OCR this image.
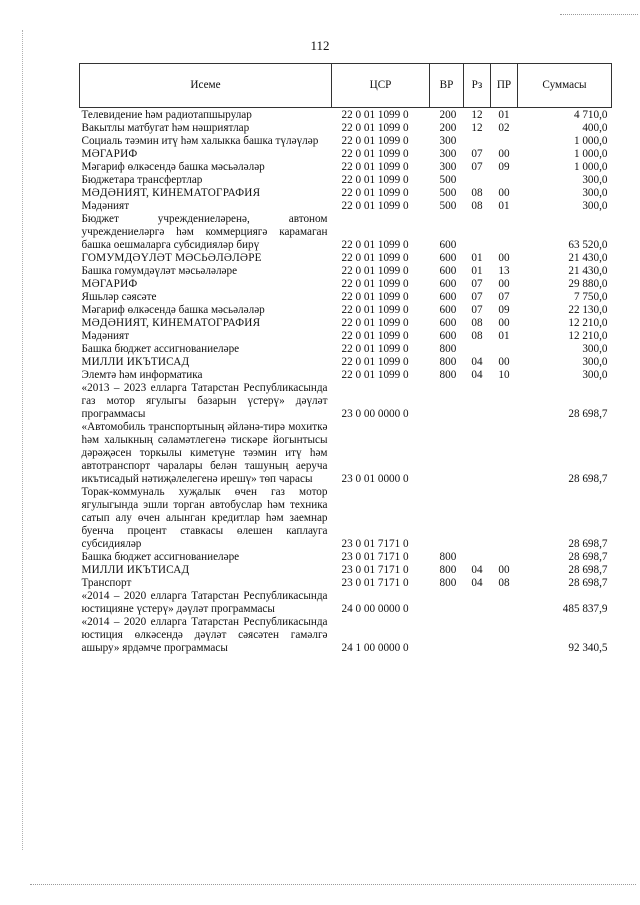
112
Исеме	ЦСР	ВР	Рз	ПР	Суммасы
Телевидение һәм радиотапшырулар	22 0 01 1099 0	200	12	01	4 710,0
Вакытлы матбугат һәм нәшриятлар	22 0 01 1099 0	200	12	02	400,0
Социаль тәэмин итү һәм халыкка башка түләүләр	22 0 01 1099 0	300			1 000,0
МӘГАРИФ	22 0 01 1099 0	300	07	00	1 000,0
Мәгариф өлкәсендә башка мәсьәләләр	22 0 01 1099 0	300	07	09	1 000,0
Бюджетара трансфертлар	22 0 01 1099 0	500			300,0
МӘДӘНИЯТ, КИНЕМАТОГРАФИЯ	22 0 01 1099 0	500	08	00	300,0
Мәдәният	22 0 01 1099 0	500	08	01	300,0
Бюджет учреждениеләренә, автоном учреждениеләргә һәм коммерциягә карамаган башка оешмаларга субсидияләр бирү	22 0 01 1099 0	600			63 520,0
ГОМУМДӘҮЛӘТ МӘСЬӘЛӘЛӘРЕ	22 0 01 1099 0	600	01	00	21 430,0
Башка гомумдәүләт мәсьәләләре	22 0 01 1099 0	600	01	13	21 430,0
МӘГАРИФ	22 0 01 1099 0	600	07	00	29 880,0
Яшьләр сәясәте	22 0 01 1099 0	600	07	07	7 750,0
Мәгариф өлкәсендә башка мәсьәләләр	22 0 01 1099 0	600	07	09	22 130,0
МӘДӘНИЯТ, КИНЕМАТОГРАФИЯ	22 0 01 1099 0	600	08	00	12 210,0
Мәдәният	22 0 01 1099 0	600	08	01	12 210,0
Башка бюджет ассигнованиеләре	22 0 01 1099 0	800			300,0
МИЛЛИ ИКЪТИСАД	22 0 01 1099 0	800	04	00	300,0
Элемтә һәм информатика	22 0 01 1099 0	800	04	10	300,0
«2013 – 2023 елларга Татарстан Республикасында газ мотор ягулыгы базарын үстерү» дәүләт программасы	23 0 00 0000 0				28 698,7
«Автомобиль транспортының әйләнә-тирә мохиткә һәм халыкның сәламәтлегенә тискәре йогынтысы дәрәҗәсен торкылы киметүне тәэмин итү һәм автотранспорт чаралары белән ташуның аеруча икътисадый нәтиҗәлелегенә ирешү» төп чарасы	23 0 01 0000 0				28 698,7
Торак-коммуналь хуҗалык өчен газ мотор ягулыгында эшли торган автобуслар һәм техника сатып алу өчен алынган кредитлар һәм заемнар буенча процент ставкасы өлешен каплауга субсидияләр	23 0 01 7171 0				28 698,7
Башка бюджет ассигнованиеләре	23 0 01 7171 0	800			28 698,7
МИЛЛИ ИКЪТИСАД	23 0 01 7171 0	800	04	00	28 698,7
Транспорт	23 0 01 7171 0	800	04	08	28 698,7
«2014 – 2020 елларга Татарстан Республикасында юстицияне үстерү» дәүләт программасы	24 0 00 0000 0				485 837,9
«2014 – 2020 елларга Татарстан Республикасында юстиция өлкәсендә дәүләт сәясәтен гамәлгә ашыру» ярдәмче программасы	24 1 00 0000 0				92 340,5
